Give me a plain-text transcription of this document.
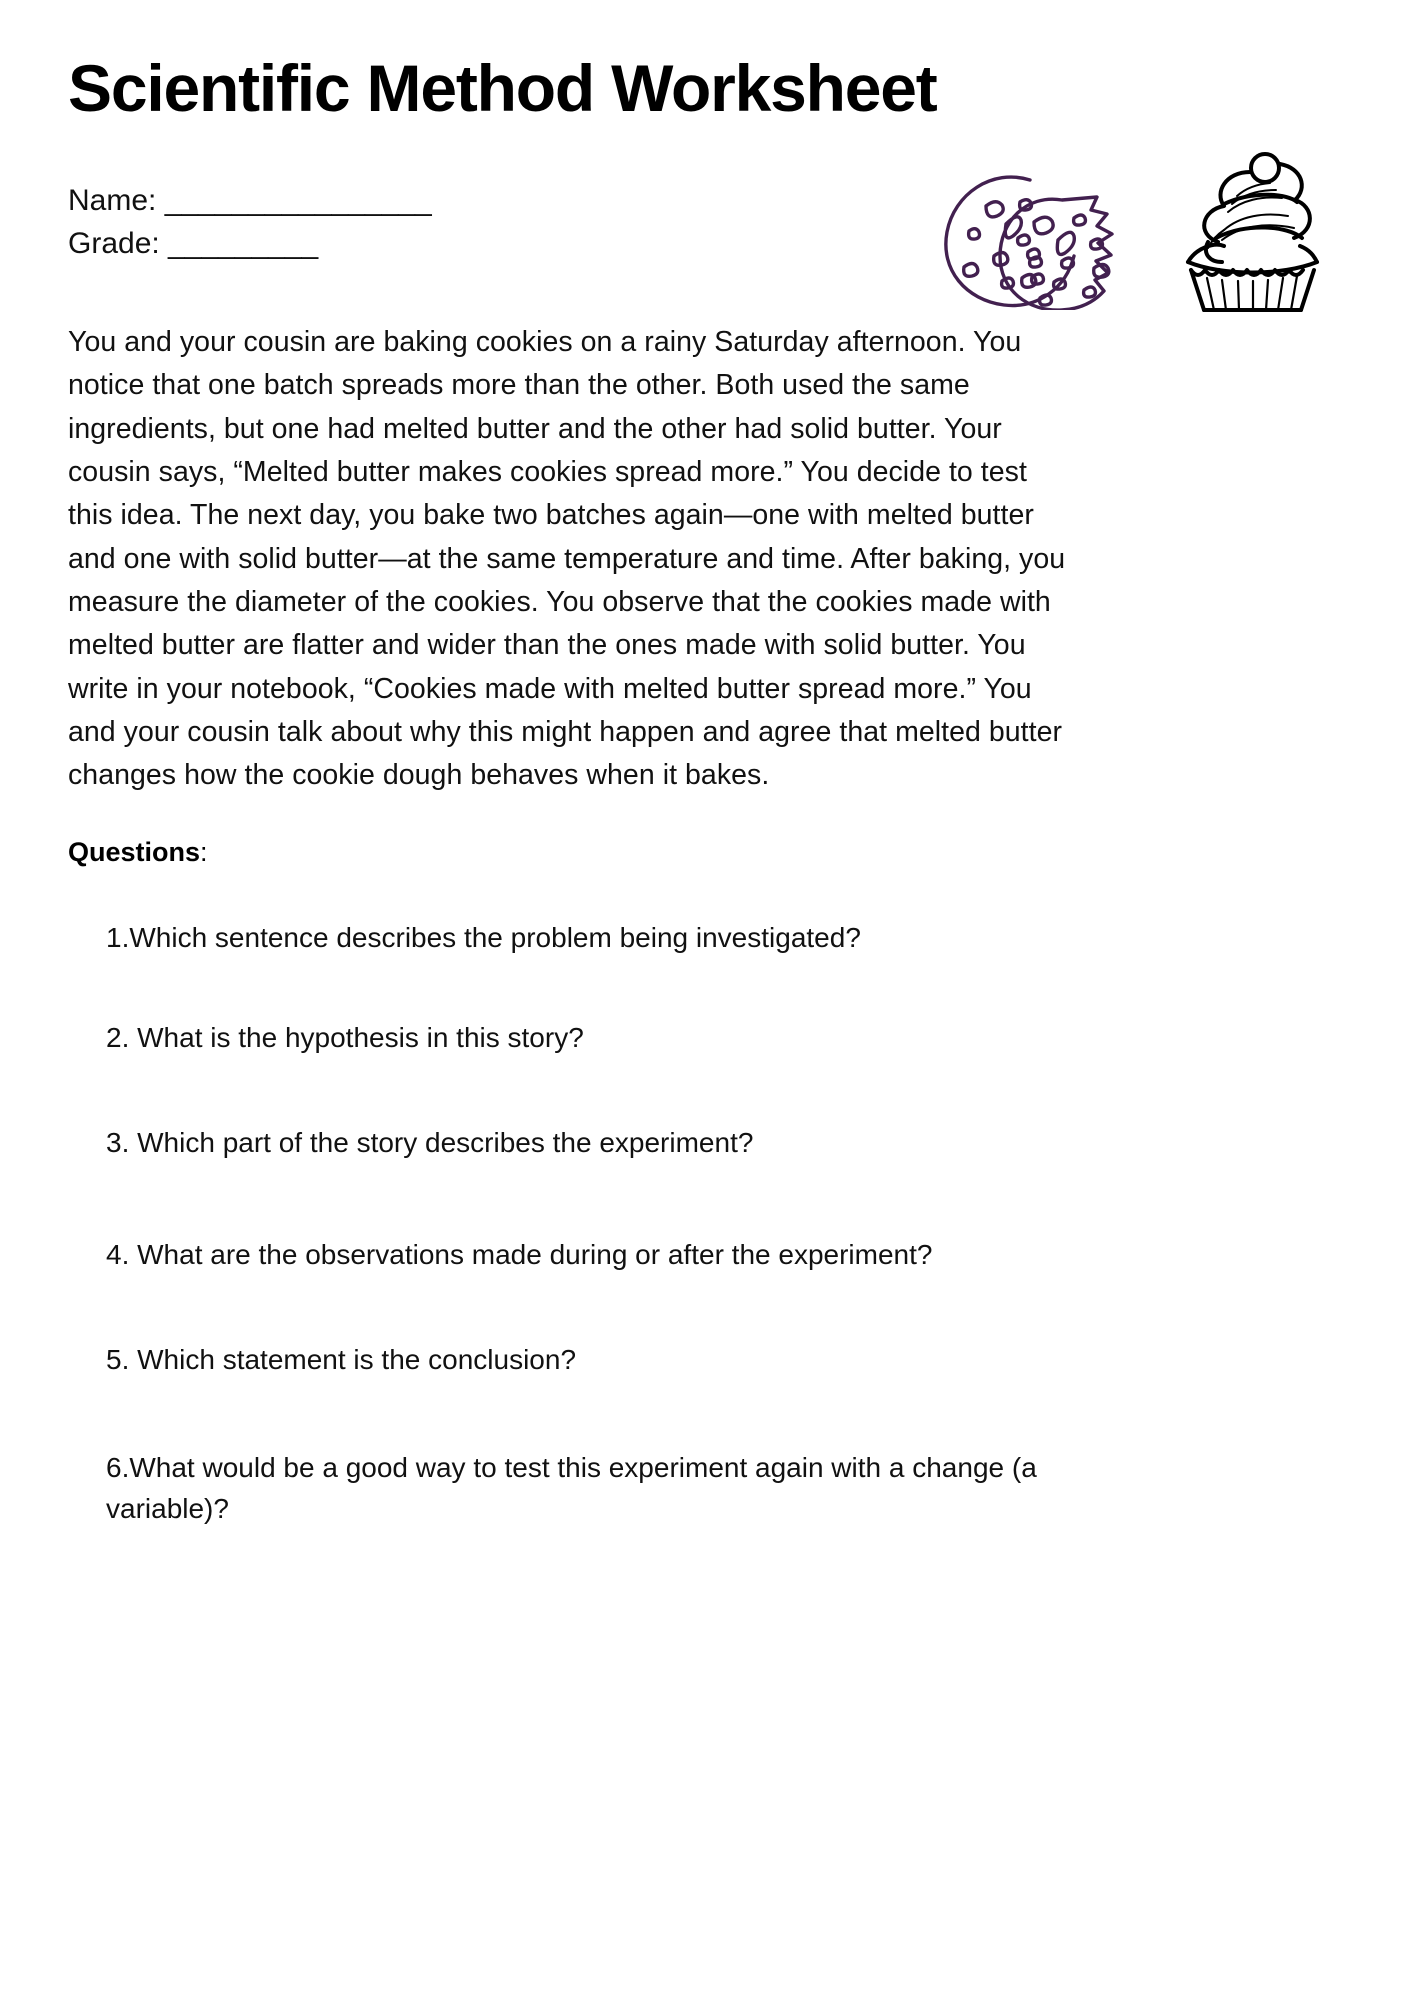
Scientific Method Worksheet
Name: ________________
Grade: _________

You and your cousin are baking cookies on a rainy Saturday afternoon. You notice that one batch spreads more than the other. Both used the same ingredients, but one had melted butter and the other had solid butter. Your cousin says, “Melted butter makes cookies spread more.” You decide to test this idea. The next day, you bake two batches again—one with melted butter and one with solid butter—at the same temperature and time. After baking, you measure the diameter of the cookies. You observe that the cookies made with melted butter are flatter and wider than the ones made with solid butter. You write in your notebook, “Cookies made with melted butter spread more.” You and your cousin talk about why this might happen and agree that melted butter changes how the cookie dough behaves when it bakes.

Questions:

1.Which sentence describes the problem being investigated?
2. What is the hypothesis in this story?
3. Which part of the story describes the experiment?
4. What are the observations made during or after the experiment?
5. Which statement is the conclusion?
6.What would be a good way to test this experiment again with a change (a variable)?
